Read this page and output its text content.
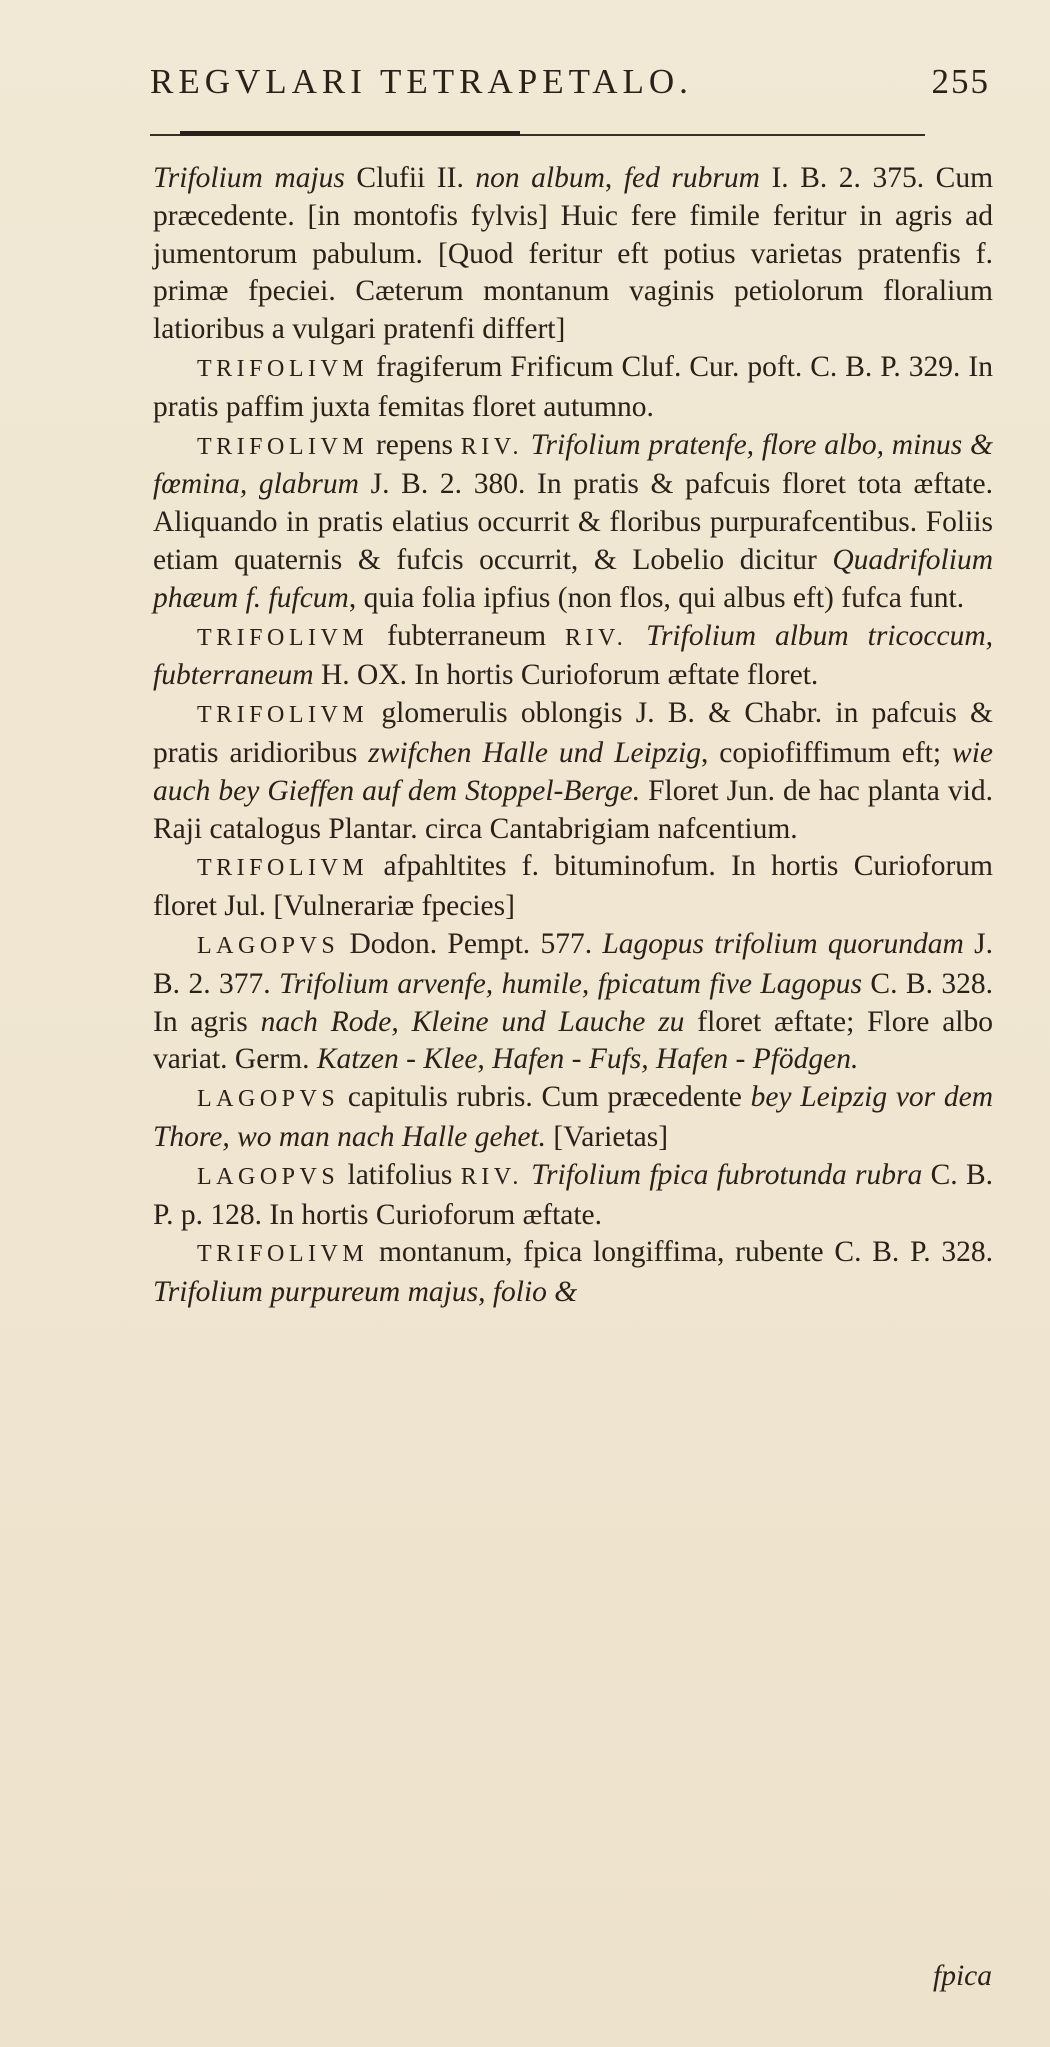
REGVLARI TETRAPETALO.	255

Trifolium majus Clufii II. non album, fed rubrum I. B. 2. 375. Cum præcedente. [in montofis fylvis] Huic fere fimile feritur in agris ad jumentorum pabulum. [Quod feritur eft potius varietas pratenfis f. primæ fpeciei. Cæterum montanum vaginis petiolorum floralium latioribus a vulgari pratenfi differt]

TRIFOLIVM fragiferum Frificum Cluf. Cur. poft. C. B. P. 329. In pratis paffim juxta femitas floret autumno.

TRIFOLIVM repens RIV. Trifolium pratenfe, flore albo, minus & fœmina, glabrum J. B. 2. 380. In pratis & pafcuis floret tota æftate. Aliquando in pratis elatius occurrit & floribus purpurafcentibus. Foliis etiam quaternis & fufcis occurrit, & Lobelio dicitur Quadrifolium phæum f. fufcum, quia folia ipfius (non flos, qui albus eft) fufca funt.

TRIFOLIVM fubterraneum RIV. Trifolium album tricoccum, fubterraneum H. OX. In hortis Curioforum æftate floret.

TRIFOLIVM glomerulis oblongis J. B. & Chabr. in pafcuis & pratis aridioribus zwifchen Halle und Leipzig, copiofiffimum eft; wie auch bey Gieffen auf dem Stoppel-Berge. Floret Jun. de hac planta vid. Raji catalogus Plantar. circa Cantabrigiam nafcentium.

TRIFOLIVM afpahltites f. bituminofum. In hortis Curioforum floret Jul. [Vulnerariæ fpecies]

LAGOPVS Dodon. Pempt. 577. Lagopus trifolium quorundam J. B. 2. 377. Trifolium arvenfe, humile, fpicatum five Lagopus C. B. 328. In agris nach Rode, Kleine und Lauche zu floret æftate; Flore albo variat. Germ. Katzen - Klee, Hafen - Fufs, Hafen - Pfödgen.

LAGOPVS capitulis rubris. Cum præcedente bey Leipzig vor dem Thore, wo man nach Halle gehet. [Varietas]

LAGOPVS latifolius RIV. Trifolium fpica fubrotunda rubra C. B. P. p. 128. In hortis Curioforum æftate.

TRIFOLIVM montanum, fpica longiffima, rubente C. B. P. 328. Trifolium purpureum majus, folio &

fpica
